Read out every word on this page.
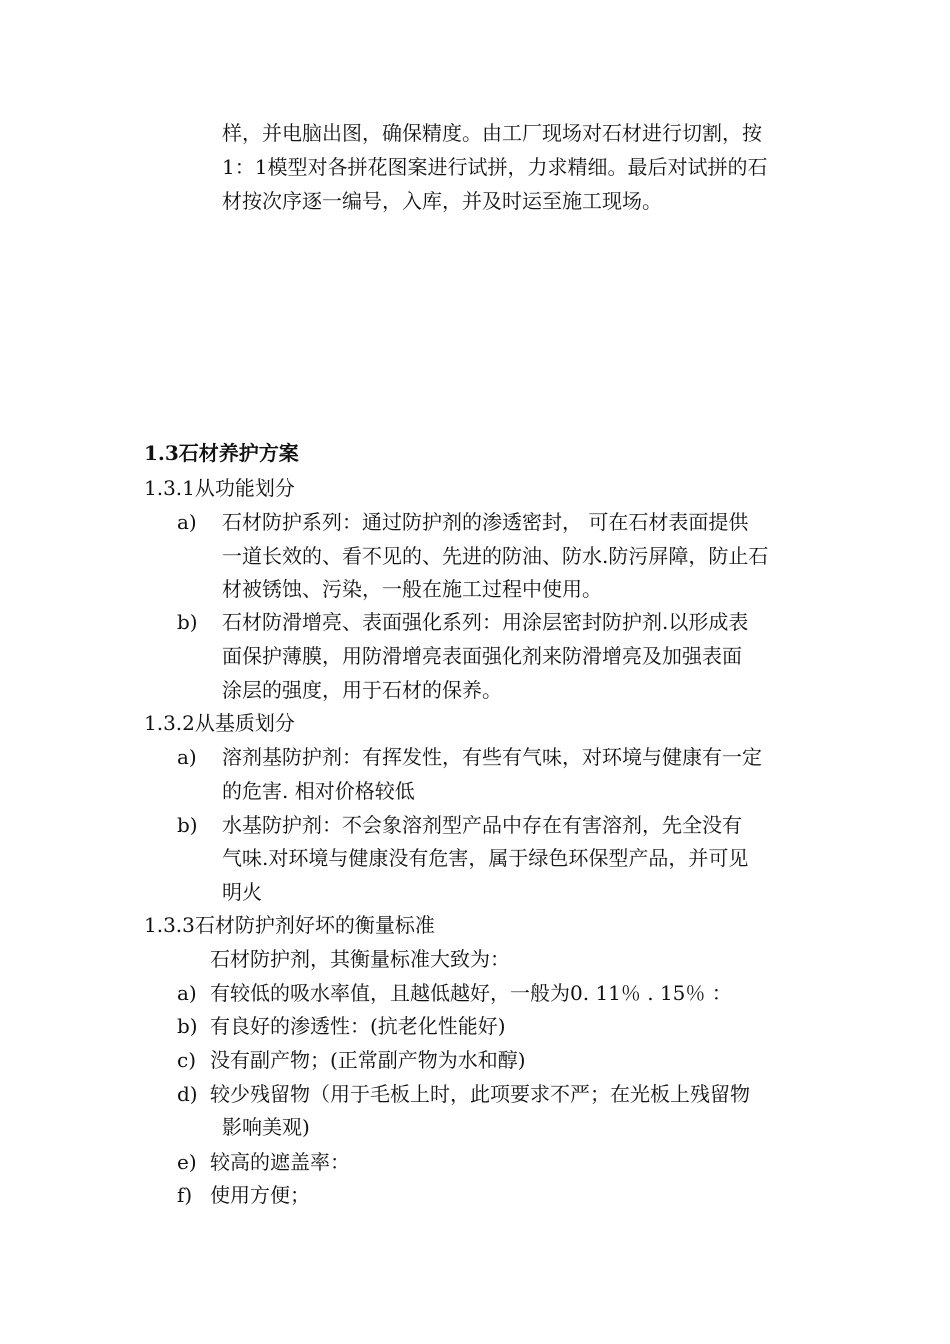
样，并电脑出图，确保精度。由工厂现场对石材进行切割，按
1：1模型对各拼花图案进行试拼，力求精细。最后对试拼的石
材按次序逐一编号，入库，并及时运至施工现场。
1.3石材养护方案
1.3.1从功能划分
a) 石材防护系列：通过防护剂的渗透密封， 可在石材表面提供
一道长效的、看不见的、先进的防油、防水.防污屏障，防止石
材被锈蚀、污染，一般在施工过程中使用。
b) 石材防滑增亮、表面强化系列：用涂层密封防护剂.以形成表
面保护薄膜，用防滑增亮表面强化剂来防滑增亮及加强表面
涂层的强度，用于石材的保养。
1.3.2从基质划分
a) 溶剂基防护剂：有挥发性，有些有气味，对环境与健康有一定
的危害. 相对价格较低
b) 水基防护剂：不会象溶剂型产品中存在有害溶剂，先全没有
气味.对环境与健康没有危害，属于绿色环保型产品，并可见
明火
1.3.3石材防护剂好坏的衡量标准
石材防护剂，其衡量标准大致为：
a) 有较低的吸水率值，且越低越好，一般为0. 11％ . 15％ ：
b) 有良好的渗透性：(抗老化性能好)
c) 没有副产物；(正常副产物为水和醇)
d) 较少残留物（用于毛板上时，此项要求不严；在光板上残留物
影响美观)
e) 较高的遮盖率：
f) 使用方便；
